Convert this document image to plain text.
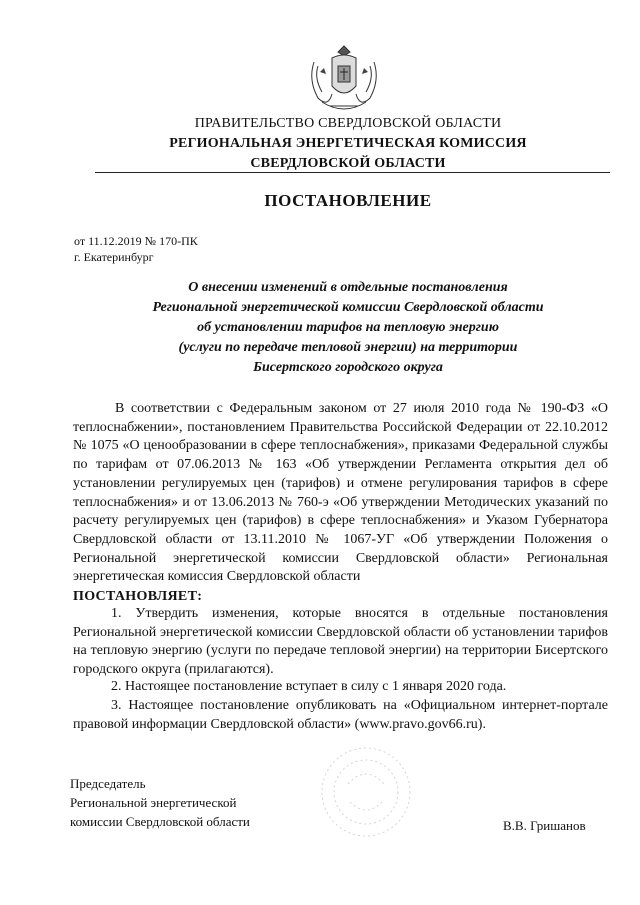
ПРАВИТЕЛЬСТВО СВЕРДЛОВСКОЙ ОБЛАСТИ
РЕГИОНАЛЬНАЯ ЭНЕРГЕТИЧЕСКАЯ КОМИССИЯ
СВЕРДЛОВСКОЙ ОБЛАСТИ
ПОСТАНОВЛЕНИЕ
от 11.12.2019 № 170-ПК
г. Екатеринбург
О внесении изменений в отдельные постановления
Региональной энергетической комиссии Свердловской области
об установлении тарифов на тепловую энергию
(услуги по передаче тепловой энергии) на территории
Бисертского городского округа
В соответствии с Федеральным законом от 27 июля 2010 года № 190-ФЗ «О теплоснабжении», постановлением Правительства Российской Федерации от 22.10.2012 № 1075 «О ценообразовании в сфере теплоснабжения», приказами Федеральной службы по тарифам от 07.06.2013 № 163 «Об утверждении Регламента открытия дел об установлении регулируемых цен (тарифов) и отмене регулирования тарифов в сфере теплоснабжения» и от 13.06.2013 № 760-э «Об утверждении Методических указаний по расчету регулируемых цен (тарифов) в сфере теплоснабжения» и Указом Губернатора Свердловской области от 13.11.2010 № 1067-УГ «Об утверждении Положения о Региональной энергетической комиссии Свердловской области» Региональная энергетическая комиссия Свердловской области
ПОСТАНОВЛЯЕТ:
1. Утвердить изменения, которые вносятся в отдельные постановления Региональной энергетической комиссии Свердловской области об установлении тарифов на тепловую энергию (услуги по передаче тепловой энергии) на территории Бисертского городского округа (прилагаются).
2. Настоящее постановление вступает в силу с 1 января 2020 года.
3. Настоящее постановление опубликовать на «Официальном интернет-портале правовой информации Свердловской области» (www.pravo.gov66.ru).
Председатель
Региональной энергетической
комиссии Свердловской области	В.В. Гришанов
